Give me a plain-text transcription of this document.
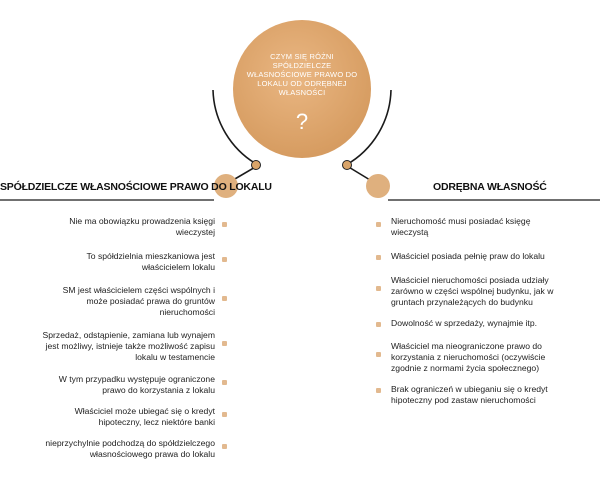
CZYM SIĘ RÓŻNI SPÓŁDZIELCZE WŁASNOŚCIOWE PRAWO DO LOKALU OD ODRĘBNEJ WŁASNOŚCI
?
SPÓŁDZIELCZE WŁASNOŚCIOWE PRAWO DO LOKALU	ODRĘBNA WŁASNOŚĆ
Nie ma obowiązku prowadzenia księgi wieczystej
To spółdzielnia mieszkaniowa jest właścicielem lokalu
SM jest właścicielem części wspólnych i może posiadać prawa do gruntów nieruchomości
Sprzedaż, odstąpienie, zamiana lub wynajem jest możliwy, istnieje także możliwość zapisu lokalu w testamencie
W tym przypadku występuje ograniczone prawo do korzystania z lokalu
Właściciel może ubiegać się o kredyt hipoteczny, lecz niektóre banki
nieprzychylnie podchodzą do spółdzielczego własnościowego prawa do lokalu
Nieruchomość musi posiadać księgę wieczystą
Właściciel posiada pełnię praw do lokalu
Właściciel nieruchomości posiada udziały zarówno w części wspólnej budynku, jak w gruntach przynależących do budynku
Dowolność w sprzedaży, wynajmie itp.
Właściciel ma nieograniczone prawo do korzystania z nieruchomości (oczywiście zgodnie z normami życia społecznego)
Brak ograniczeń w ubieganiu się o kredyt hipoteczny pod zastaw nieruchomości
